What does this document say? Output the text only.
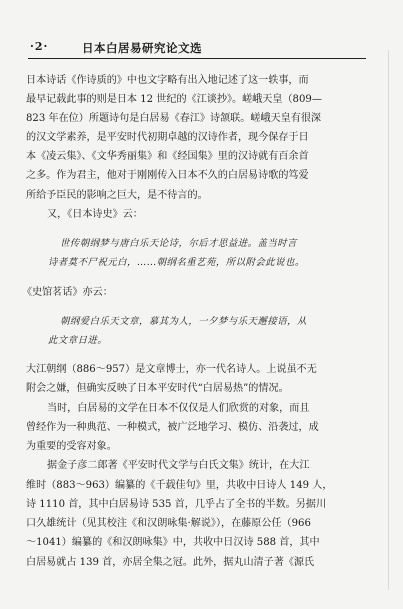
·2·	日本白居易研究论文选
日本诗话《作诗质的》中也文字略有出入地记述了这一轶事，而
最早记载此事的则是日本 12 世纪的《江谈抄》。嵯峨天皇（809—
823 年在位）所题诗句是白居易《春江》诗颔联。嵯峨天皇有很深
的汉文学素养，是平安时代初期卓越的汉诗作者，现今保存于日
本《凌云集》、《文华秀丽集》和《经国集》里的汉诗就有百余首
之多。作为君主，他对于刚刚传入日本不久的白居易诗歌的笃爱
所给予臣民的影响之巨大，是不待言的。
又，《日本诗史》云：
世传朝纲梦与唐白乐天论诗，尔后才思益进。盖当时言
诗者莫不尸祝元白，……朝纲名重艺苑，所以附会此说也。
《史馆茗话》亦云：
朝纲爱白乐天文章，慕其为人，一夕梦与乐天邂接语，从
此文章日进。
大江朝纲（886～957）是文章博士，亦一代名诗人。上说虽不无
附会之嫌，但确实反映了日本平安时代“白居易热”的情况。
当时，白居易的文学在日本不仅仅是人们欣赏的对象，而且
曾经作为一种典范、一种模式，被广泛地学习、模仿、沿袭过，成
为重要的受容对象。
据金子彦二郎著《平安时代文学与白氏文集》统计，在大江
维时（883～963）编纂的《千载佳句》里，共收中日诗人 149 人，
诗 1110 首，其中白居易诗 535 首，几乎占了全书的半数。另据川
口久雄统计（见其校注《和汉朗咏集·解说》），在藤原公任（966
～1041）编纂的《和汉朗咏集》中，共收中日汉诗 588 首，其中
白居易就占 139 首，亦居全集之冠。此外，据丸山清子著《源氏
